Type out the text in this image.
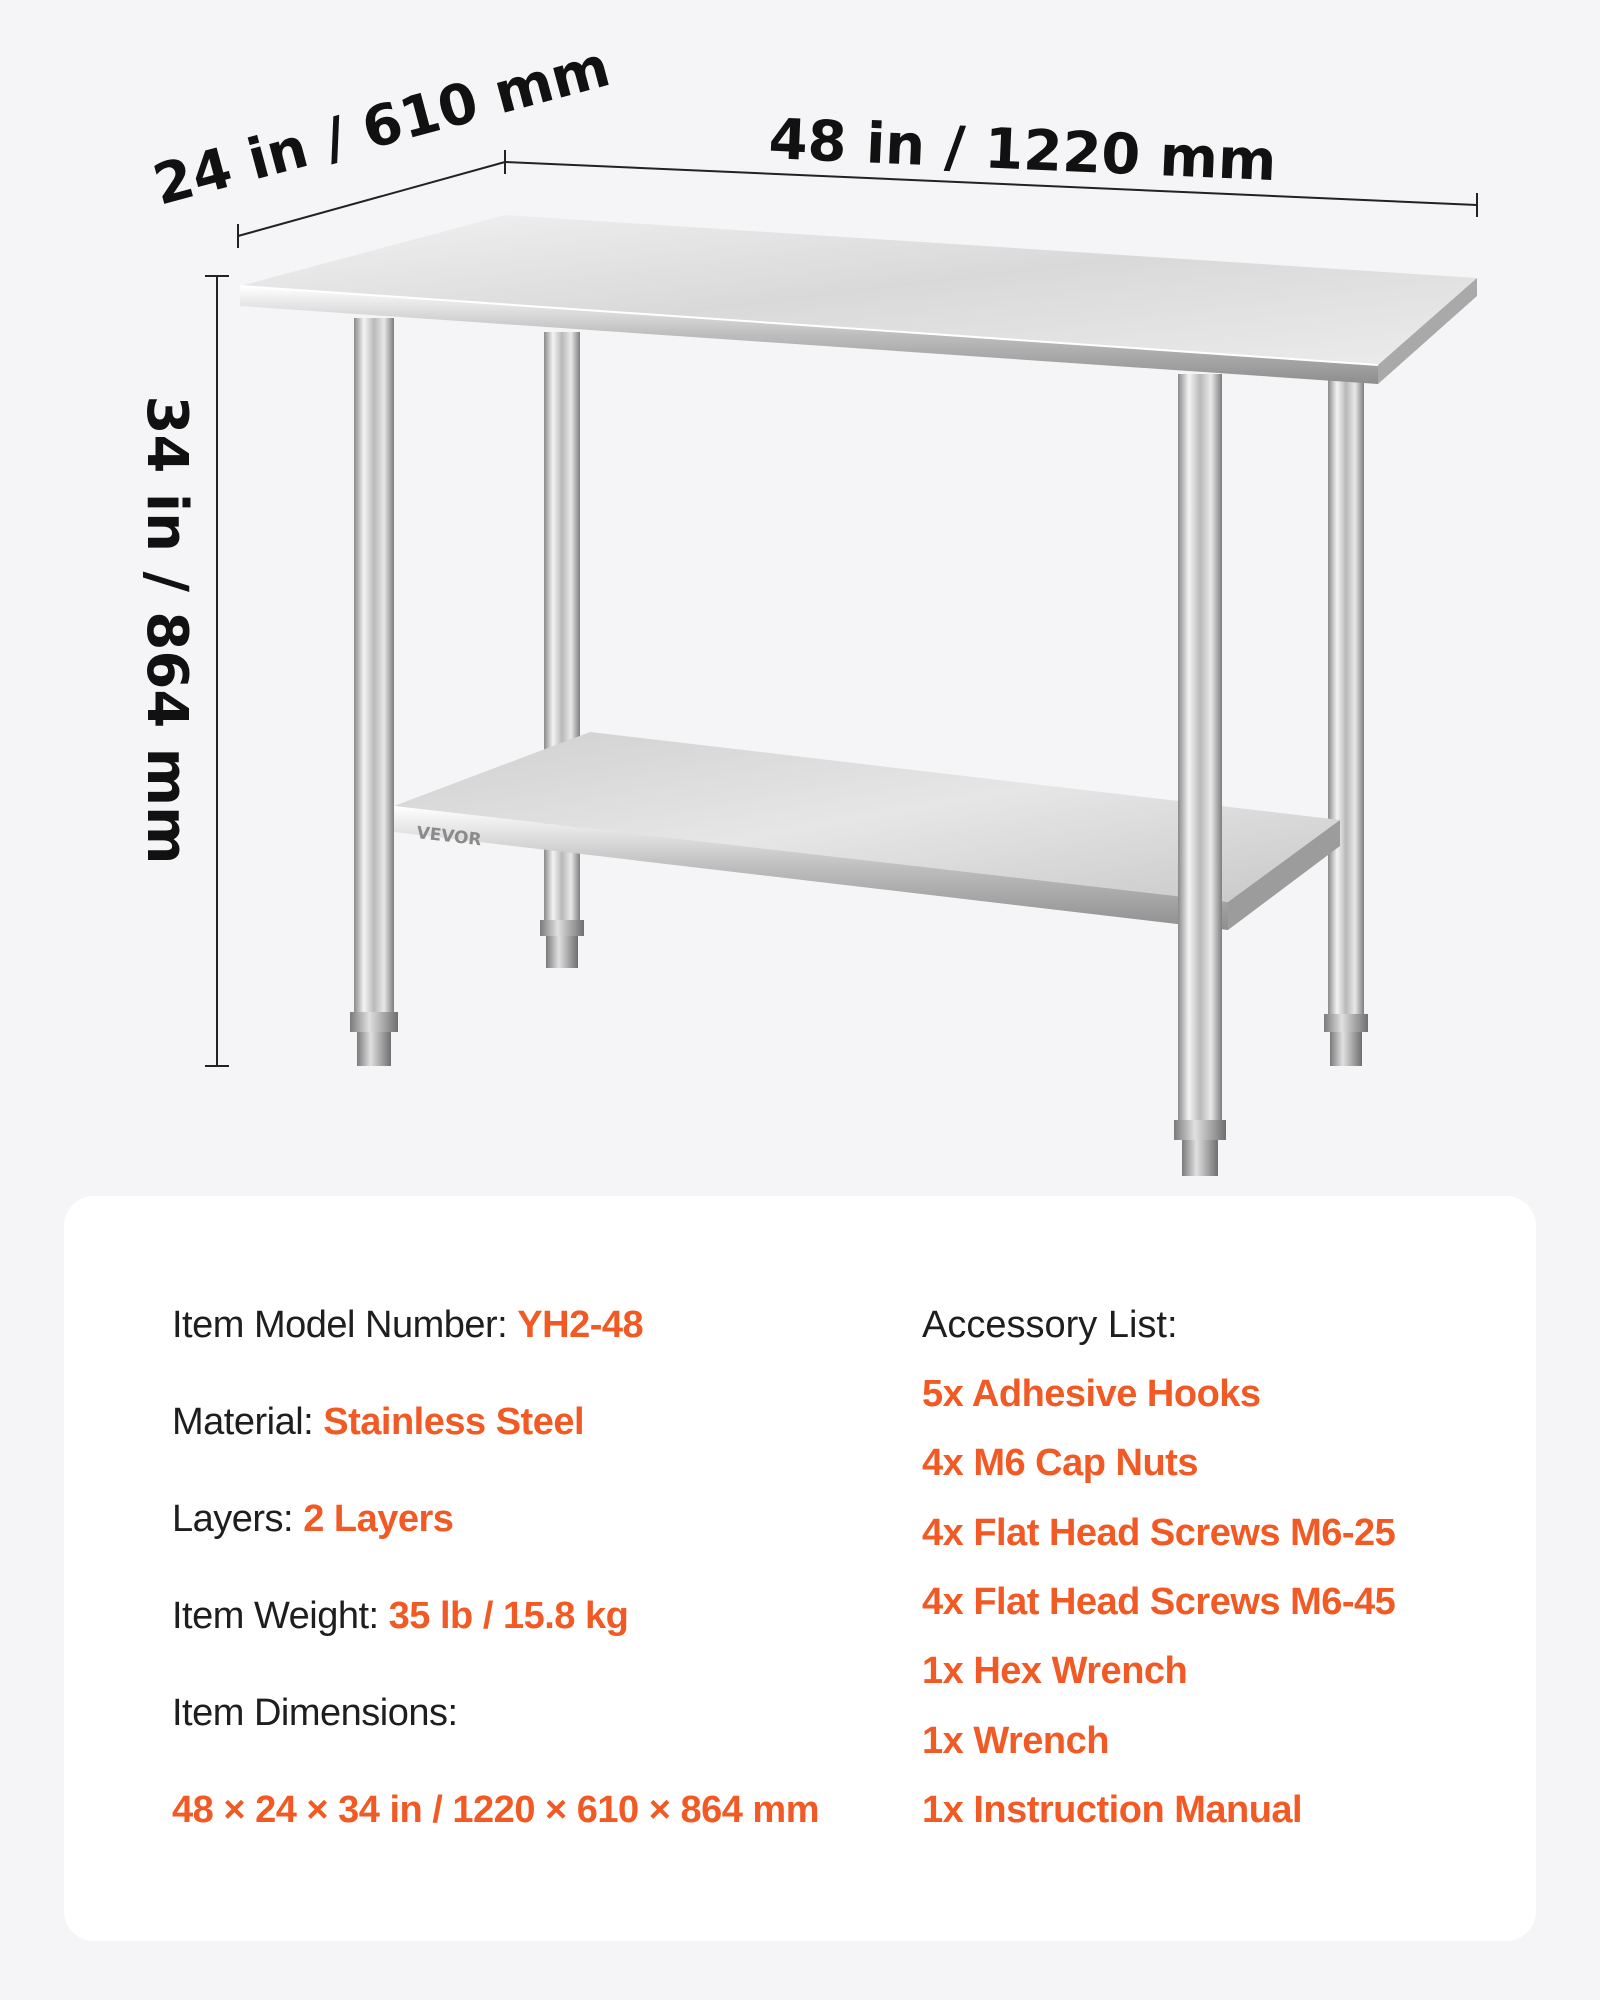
24 in / 610 mm	48 in / 1220 mm
34 in / 864 mm	VEVOR
Item Model Number: YH2-48
Material: Stainless Steel
Layers: 2 Layers
Item Weight: 35 lb / 15.8 kg
Item Dimensions:
48 × 24 × 34 in / 1220 × 610 × 864 mm
Accessory List:
5x Adhesive Hooks
4x M6 Cap Nuts
4x Flat Head Screws M6-25
4x Flat Head Screws M6-45
1x Hex Wrench
1x Wrench
1x Instruction Manual
